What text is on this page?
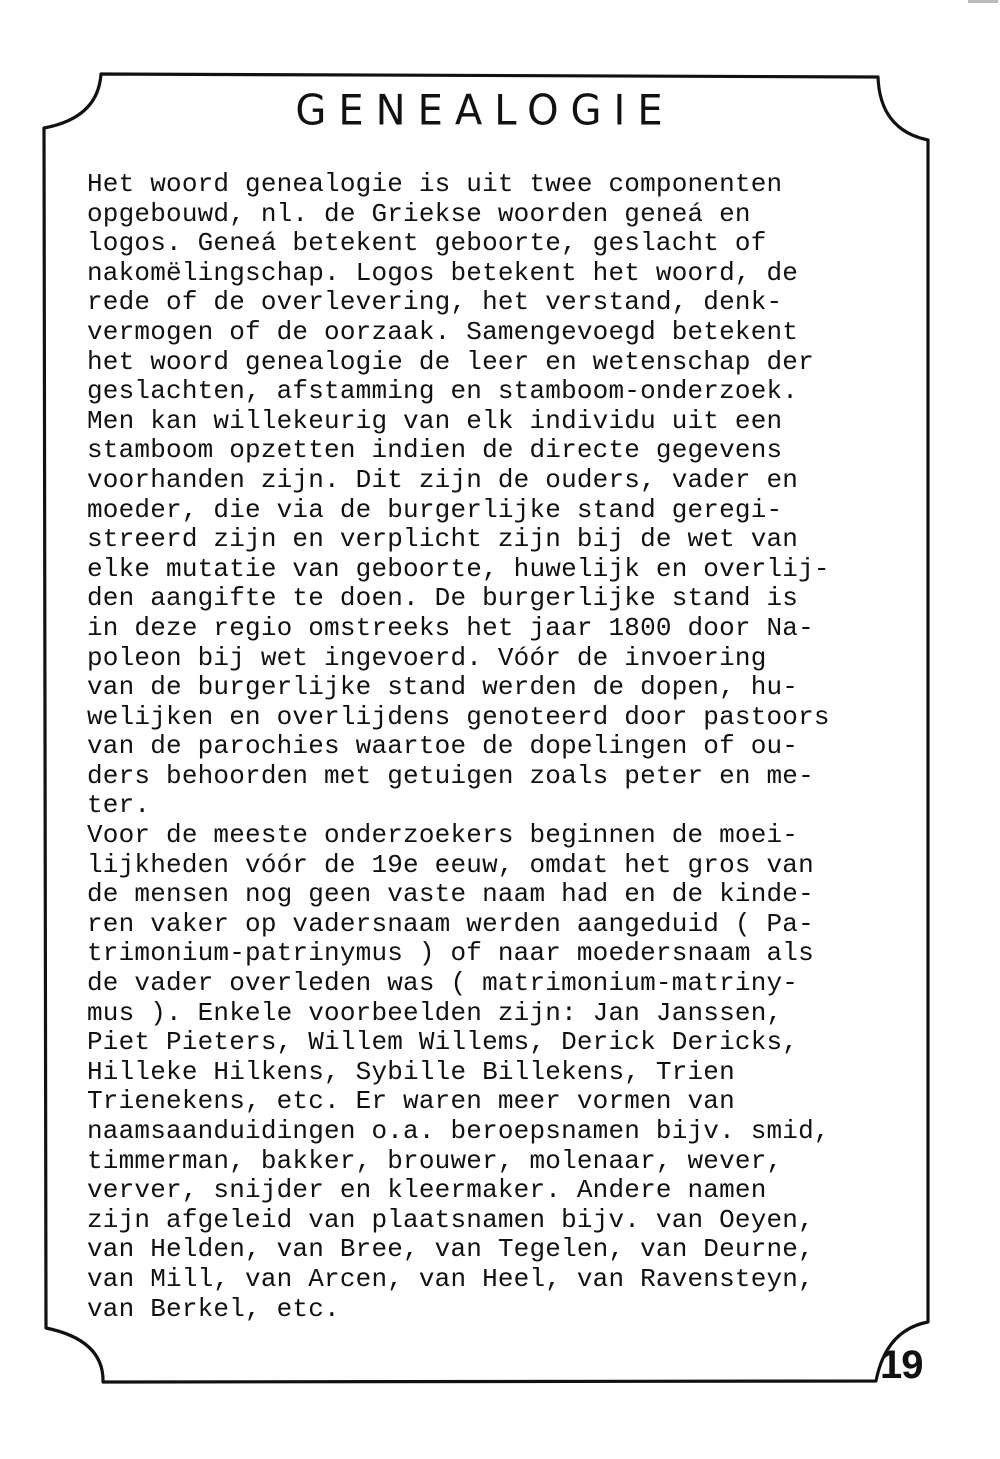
GENEALOGIE
Het woord genealogie is uit twee componenten
opgebouwd, nl. de Griekse woorden geneá en
logos. Geneá betekent geboorte, geslacht of
nakomëlingschap. Logos betekent het woord, de
rede of de overlevering, het verstand, denk-
vermogen of de oorzaak. Samengevoegd betekent
het woord genealogie de leer en wetenschap der
geslachten, afstamming en stamboom-onderzoek.
Men kan willekeurig van elk individu uit een
stamboom opzetten indien de directe gegevens
voorhanden zijn. Dit zijn de ouders, vader en
moeder, die via de burgerlijke stand geregi-
streerd zijn en verplicht zijn bij de wet van
elke mutatie van geboorte, huwelijk en overlij-
den aangifte te doen. De burgerlijke stand is
in deze regio omstreeks het jaar 1800 door Na-
poleon bij wet ingevoerd. Vóór de invoering
van de burgerlijke stand werden de dopen, hu-
welijken en overlijdens genoteerd door pastoors
van de parochies waartoe de dopelingen of ou-
ders behoorden met getuigen zoals peter en me-
ter.
Voor de meeste onderzoekers beginnen de moei-
lijkheden vóór de 19e eeuw, omdat het gros van
de mensen nog geen vaste naam had en de kinde-
ren vaker op vadersnaam werden aangeduid ( Pa-
trimonium-patrinymus ) of naar moedersnaam als
de vader overleden was ( matrimonium-matriny-
mus ). Enkele voorbeelden zijn: Jan Janssen,
Piet Pieters, Willem Willems, Derick Dericks,
Hilleke Hilkens, Sybille Billekens, Trien
Trienekens, etc. Er waren meer vormen van
naamsaanduidingen o.a. beroepsnamen bijv. smid,
timmerman, bakker, brouwer, molenaar, wever,
verver, snijder en kleermaker. Andere namen
zijn afgeleid van plaatsnamen bijv. van Oeyen,
van Helden, van Bree, van Tegelen, van Deurne,
van Mill, van Arcen, van Heel, van Ravensteyn,
van Berkel, etc.
19
